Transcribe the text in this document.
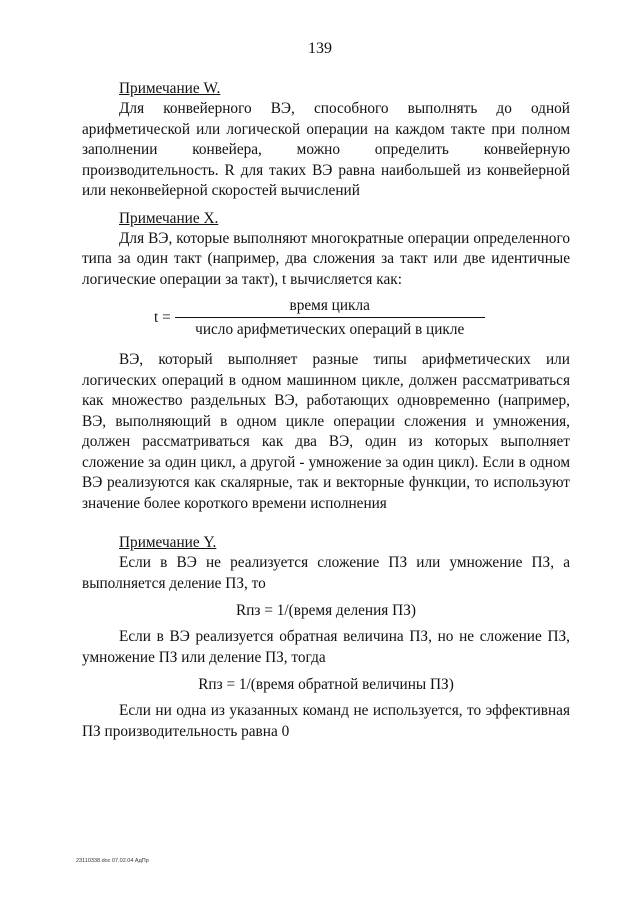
139
Примечание W.

Для конвейерного ВЭ, способного выполнять до одной арифметической или логической операции на каждом такте при полном заполнении конвейера, можно определить конвейерную производительность. R для таких ВЭ равна наибольшей из конвейерной или неконвейерной скоростей вычислений

Примечание X.

Для ВЭ, которые выполняют многократные операции определенного типа за один такт (например, два сложения за такт или две идентичные логические операции за такт), t вычисляется как:

$t = \frac{\text{время цикла}}{\text{число арифметических операций в цикле}}$

ВЭ, который выполняет разные типы арифметических или логических операций в одном машинном цикле, должен рассматриваться как множество раздельных ВЭ, работающих одновременно (например, ВЭ, выполняющий в одном цикле операции сложения и умножения, должен рассматриваться как два ВЭ, один из которых выполняет сложение за один цикл, а другой - умножение за один цикл). Если в одном ВЭ реализуются как скалярные, так и векторные функции, то используют значение более короткого времени исполнения

Примечание Y.

Если в ВЭ не реализуется сложение ПЗ или умножение ПЗ, а выполняется деление ПЗ, то

Rпз = 1/(время деления ПЗ)

Если в ВЭ реализуется обратная величина ПЗ, но не сложение ПЗ, умножение ПЗ или деление ПЗ, тогда

Rпз = 1/(время обратной величины ПЗ)

Если ни одна из указанных команд не используется, то эффективная ПЗ производительность равна 0

23110338.doc 07.02.04 АдПр
